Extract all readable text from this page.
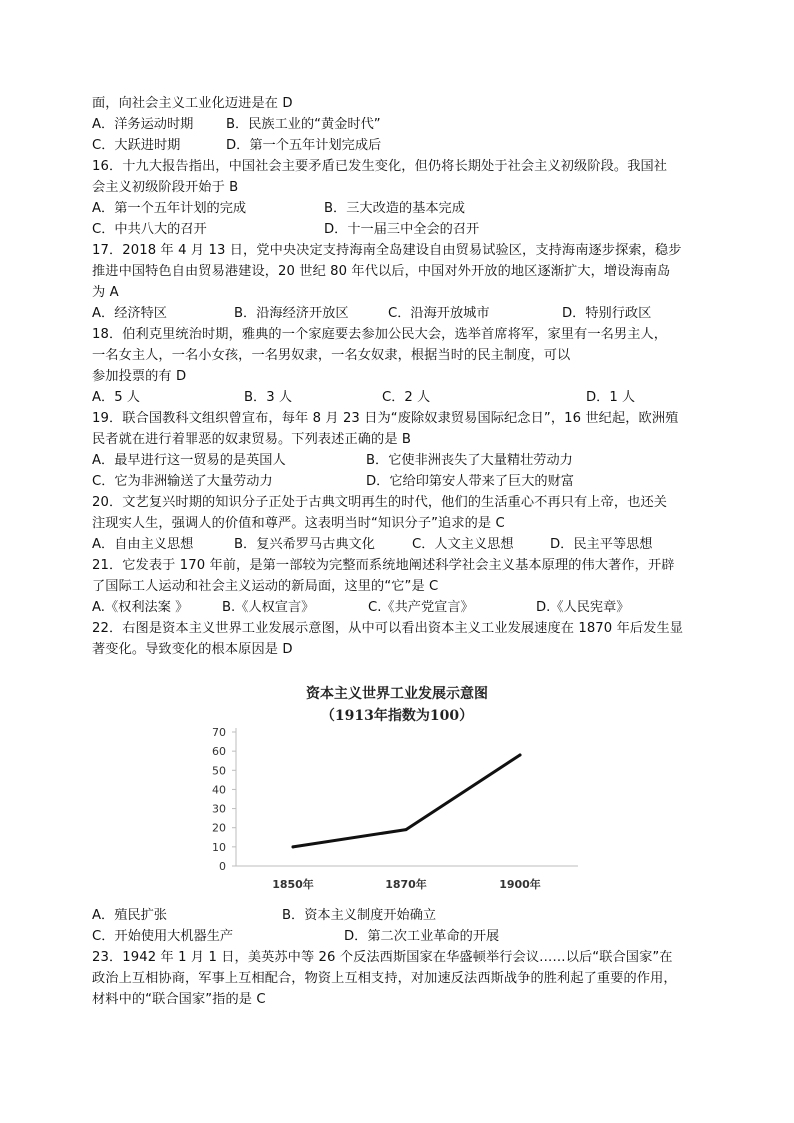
面，向社会主义工业化迈进是在 D
A．洋务运动时期 B．民族工业的“黄金时代”
C．大跃进时期	D．第一个五年计划完成后
16．十九大报告指出，中国社会主要矛盾已发生变化，但仍将长期处于社会主义初级阶段。我国社
会主义初级阶段开始于 B
A．第一个五年计划的完成	B．三大改造的基本完成
C．中共八大的召开	D．十一届三中全会的召开
17．2018 年 4 月 13 日，党中央决定支持海南全岛建设自由贸易试验区，支持海南逐步探索，稳步
推进中国特色自由贸易港建设，20 世纪 80 年代以后，中国对外开放的地区逐渐扩大，增设海南岛
为 A
A．经济特区	B．沿海经济开放区	C．沿海开放城市	D．特别行政区
18．伯利克里统治时期，雅典的一个家庭要去参加公民大会，选举首席将军，家里有一名男主人，
一名女主人，一名小女孩，一名男奴隶，一名女奴隶，根据当时的民主制度，可以
参加投票的有 D
A．5 人	B．3 人	C．2 人	D．1 人
19．联合国教科文组织曾宣布，每年 8 月 23 日为“废除奴隶贸易国际纪念日”，16 世纪起，欧洲殖
民者就在进行着罪恶的奴隶贸易。下列表述正确的是 B
A．最早进行这一贸易的是英国人	B．它使非洲丧失了大量精壮劳动力
C．它为非洲输送了大量劳动力	D．它给印第安人带来了巨大的财富
20．文艺复兴时期的知识分子正处于古典文明再生的时代，他们的生活重心不再只有上帝，也还关
注现实人生，强调人的价值和尊严。这表明当时“知识分子”追求的是 C
A．自由主义思想	B．复兴希罗马古典文化	C．人文主义思想	D．民主平等思想
21．它发表于 170 年前，是第一部较为完整而系统地阐述科学社会主义基本原理的伟大著作，开辟
了国际工人运动和社会主义运动的新局面，这里的“它”是 C
A.《权利法案 》	B.《人权宣言》	C.《共产党宣言》	D.《人民宪章》
22．右图是资本主义世界工业发展示意图，从中可以看出资本主义工业发展速度在 1870 年后发生显
著变化。导致变化的根本原因是 D
资本主义世界工业发展示意图
（1913年指数为100）
0
10
20
30
40
50
60
70
1850年	1870年	1900年
A．殖民扩张	B．资本主义制度开始确立
C．开始使用大机器生产	D．第二次工业革命的开展
23．1942 年 1 月 1 日，美英苏中等 26 个反法西斯国家在华盛顿举行会议……以后“联合国家”在
政治上互相协商，军事上互相配合，物资上互相支持，对加速反法西斯战争的胜利起了重要的作用，
材料中的“联合国家”指的是 C
